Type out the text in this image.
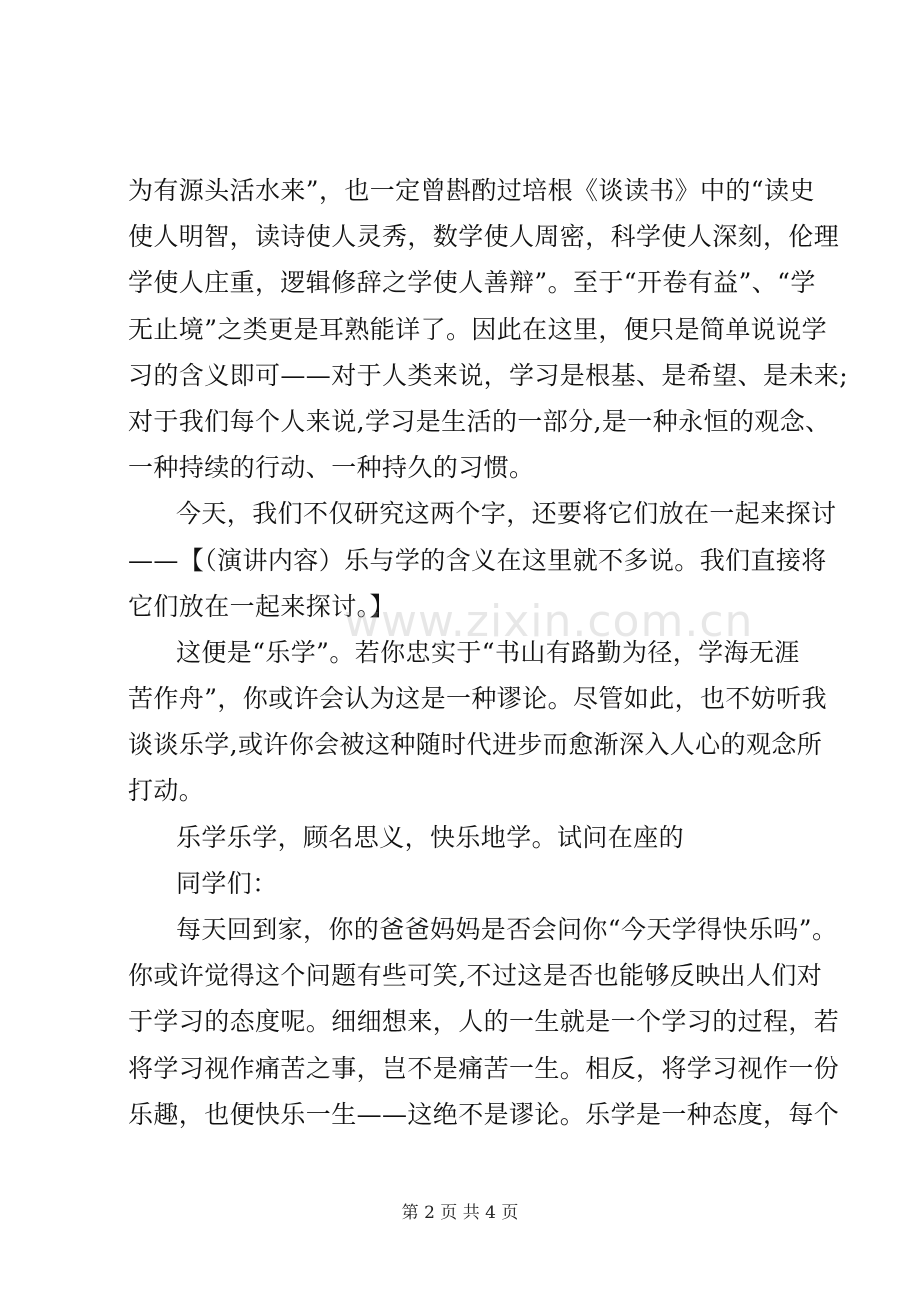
为有源头活水来”，也一定曾斟酌过培根《谈读书》中的“读史
使人明智，读诗使人灵秀，数学使人周密，科学使人深刻，伦理
学使人庄重，逻辑修辞之学使人善辩”。至于“开卷有益”、“学
无止境”之类更是耳熟能详了。因此在这里，便只是简单说说学
习的含义即可——对于人类来说，学习是根基、是希望、是未来;
对于我们每个人来说,学习是生活的一部分,是一种永恒的观念、
一种持续的行动、一种持久的习惯。
今天，我们不仅研究这两个字，还要将它们放在一起来探讨
——【（演讲内容）乐与学的含义在这里就不多说。我们直接将
它们放在一起来探讨。】
这便是“乐学”。若你忠实于“书山有路勤为径，学海无涯
苦作舟”，你或许会认为这是一种谬论。尽管如此，也不妨听我
谈谈乐学,或许你会被这种随时代进步而愈渐深入人心的观念所
打动。
乐学乐学，顾名思义，快乐地学。试问在座的
同学们：
每天回到家，你的爸爸妈妈是否会问你“今天学得快乐吗”。
你或许觉得这个问题有些可笑,不过这是否也能够反映出人们对
于学习的态度呢。细细想来，人的一生就是一个学习的过程，若
将学习视作痛苦之事，岂不是痛苦一生。相反，将学习视作一份
乐趣，也便快乐一生——这绝不是谬论。乐学是一种态度，每个
www.zixin.com.cn
第 2 页 共 4 页
